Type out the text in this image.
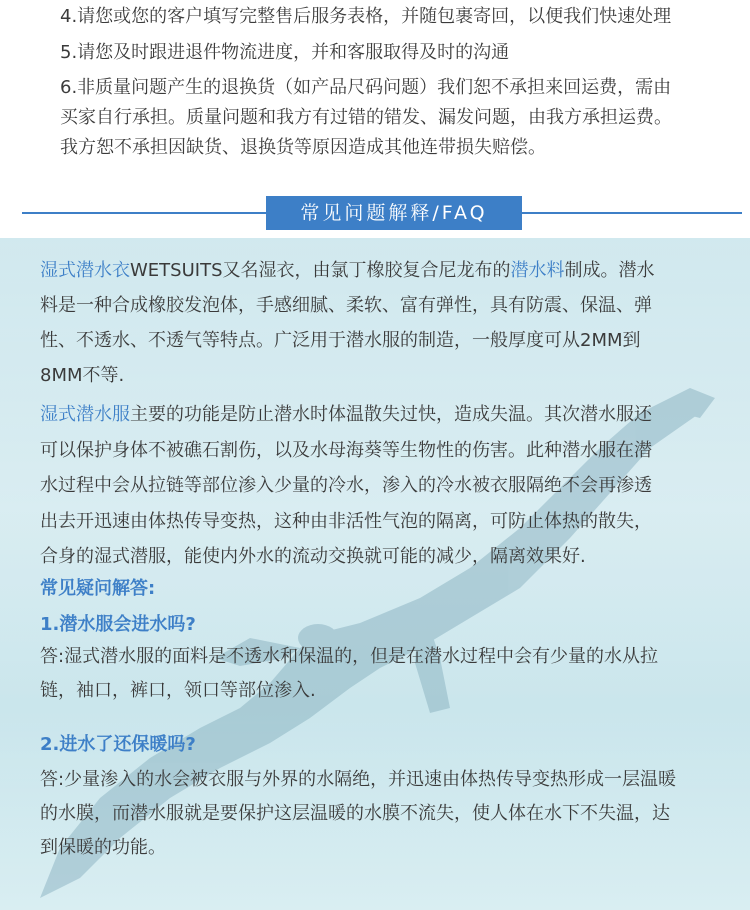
4.请您或您的客户填写完整售后服务表格，并随包裹寄回，以便我们快速处理
5.请您及时跟进退件物流进度，并和客服取得及时的沟通
6.非质量问题产生的退换货（如产品尺码问题）我们恕不承担来回运费，需由
买家自行承担。质量问题和我方有过错的错发、漏发问题，由我方承担运费。
我方恕不承担因缺货、退换货等原因造成其他连带损失赔偿。
常见问题解释/FAQ
湿式潜水衣WETSUITS又名湿衣，由氯丁橡胶复合尼龙布的潜水料制成。潜水
料是一种合成橡胶发泡体，手感细腻、柔软、富有弹性，具有防震、保温、弹
性、不透水、不透气等特点。广泛用于潜水服的制造，一般厚度可从2MM到
8MM不等.
湿式潜水服主要的功能是防止潜水时体温散失过快，造成失温。其次潜水服还
可以保护身体不被礁石割伤，以及水母海葵等生物性的伤害。此种潜水服在潜
水过程中会从拉链等部位渗入少量的冷水，渗入的冷水被衣服隔绝不会再渗透
出去开迅速由体热传导变热，这种由非活性气泡的隔离，可防止体热的散失，
合身的湿式潜服，能使内外水的流动交换就可能的减少，隔离效果好.
常见疑问解答:
1.潜水服会进水吗?
答:湿式潜水服的面料是不透水和保温的，但是在潜水过程中会有少量的水从拉
链，袖口，裤口，领口等部位渗入.
2.进水了还保暖吗?
答:少量渗入的水会被衣服与外界的水隔绝，并迅速由体热传导变热形成一层温暖
的水膜，而潜水服就是要保护这层温暖的水膜不流失，使人体在水下不失温，达
到保暖的功能。
